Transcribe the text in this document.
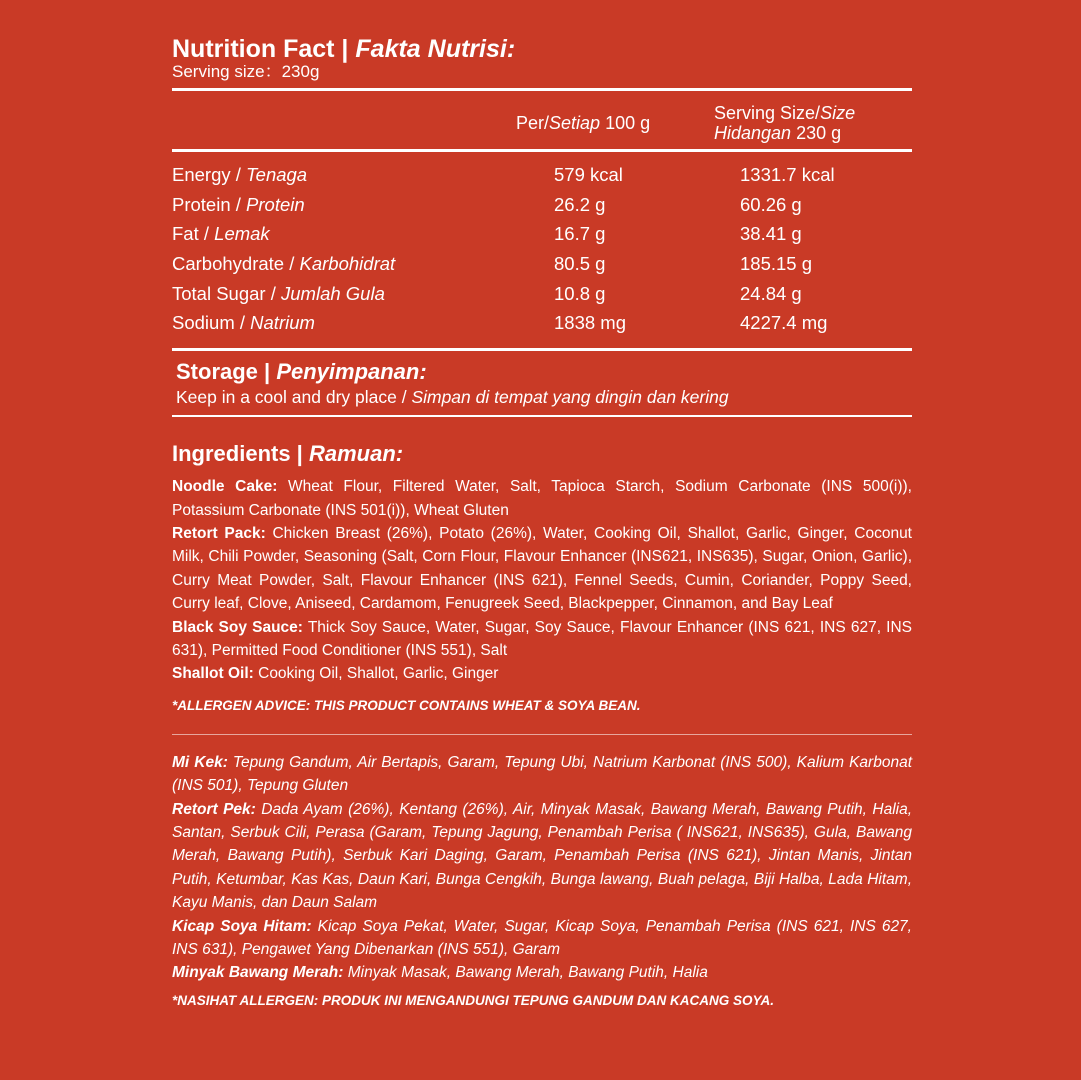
Nutrition Fact | Fakta Nutrisi:
Serving size：230g
Per/Setiap 100 g	Serving Size/Size
Hidangan 230 g
Energy / Tenaga	579 kcal	1331.7 kcal
Protein / Protein	26.2 g	60.26 g
Fat / Lemak	16.7 g	38.41 g
Carbohydrate / Karbohidrat	80.5 g	185.15 g
Total Sugar / Jumlah Gula	10.8 g	24.84 g
Sodium / Natrium	1838 mg	4227.4 mg
Storage | Penyimpanan:
Keep in a cool and dry place / Simpan di tempat yang dingin dan kering
Ingredients | Ramuan:
Noodle Cake: Wheat Flour, Filtered Water, Salt, Tapioca Starch, Sodium Carbonate (INS 500(i)), Potassium Carbonate (INS 501(i)), Wheat Gluten
Retort Pack: Chicken Breast (26%), Potato (26%), Water, Cooking Oil, Shallot, Garlic, Ginger, Coconut Milk, Chili Powder, Seasoning (Salt, Corn Flour, Flavour Enhancer (INS621, INS635), Sugar, Onion, Garlic), Curry Meat Powder, Salt, Flavour Enhancer (INS 621), Fennel Seeds, Cumin, Coriander, Poppy Seed, Curry leaf, Clove, Aniseed, Cardamom, Fenugreek Seed, Blackpepper, Cinnamon, and Bay Leaf
Black Soy Sauce: Thick Soy Sauce, Water, Sugar, Soy Sauce, Flavour Enhancer (INS 621, INS 627, INS 631), Permitted Food Conditioner (INS 551), Salt
Shallot Oil: Cooking Oil, Shallot, Garlic, Ginger
*ALLERGEN ADVICE: THIS PRODUCT CONTAINS WHEAT & SOYA BEAN.
Mi Kek: Tepung Gandum, Air Bertapis, Garam, Tepung Ubi, Natrium Karbonat (INS 500), Kalium Karbonat (INS 501), Tepung Gluten
Retort Pek: Dada Ayam (26%), Kentang (26%), Air, Minyak Masak, Bawang Merah, Bawang Putih, Halia, Santan, Serbuk Cili, Perasa (Garam, Tepung Jagung, Penambah Perisa ( INS621, INS635), Gula, Bawang Merah, Bawang Putih), Serbuk Kari Daging, Garam, Penambah Perisa (INS 621), Jintan Manis, Jintan Putih, Ketumbar, Kas Kas, Daun Kari, Bunga Cengkih, Bunga lawang, Buah pelaga, Biji Halba, Lada Hitam, Kayu Manis, dan Daun Salam
Kicap Soya Hitam: Kicap Soya Pekat, Water, Sugar, Kicap Soya, Penambah Perisa (INS 621, INS 627, INS 631), Pengawet Yang Dibenarkan (INS 551), Garam
Minyak Bawang Merah: Minyak Masak, Bawang Merah, Bawang Putih, Halia
*NASIHAT ALLERGEN: PRODUK INI MENGANDUNGI TEPUNG GANDUM DAN KACANG SOYA.
